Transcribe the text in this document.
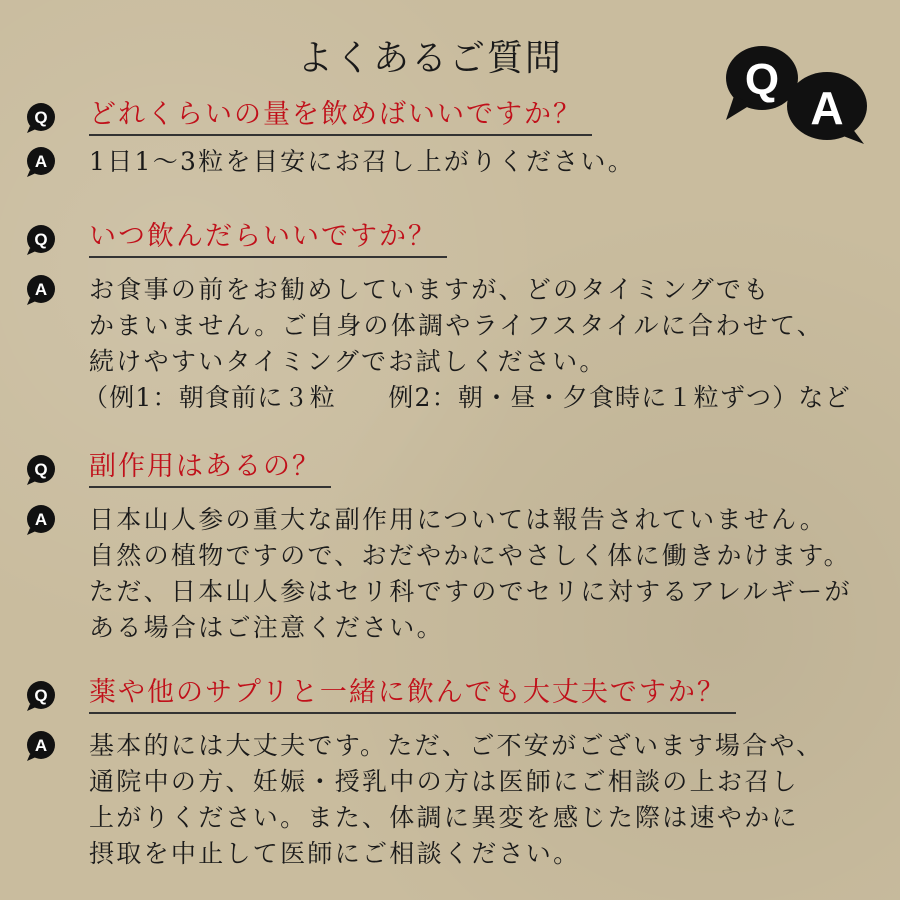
よくあるご質問	Q
A
Q どれくらいの量を飲めばいいですか？
A 1日1〜3粒を目安にお召し上がりください。
Q いつ飲んだらいいですか？
A お食事の前をお勧めしていますが、どのタイミングでも
かまいません。ご自身の体調やライフスタイルに合わせて、
続けやすいタイミングでお試しください。
（例1：朝食前に３粒　　例2：朝・昼・夕食時に１粒ずつ）など
Q 副作用はあるの？
A 日本山人参の重大な副作用については報告されていません。
自然の植物ですので、おだやかにやさしく体に働きかけます。
ただ、日本山人参はセリ科ですのでセリに対するアレルギーが
ある場合はご注意ください。
Q 薬や他のサプリと一緒に飲んでも大丈夫ですか？
A 基本的には大丈夫です。ただ、ご不安がございます場合や、
通院中の方、妊娠・授乳中の方は医師にご相談の上お召し
上がりください。また、体調に異変を感じた際は速やかに
摂取を中止して医師にご相談ください。
